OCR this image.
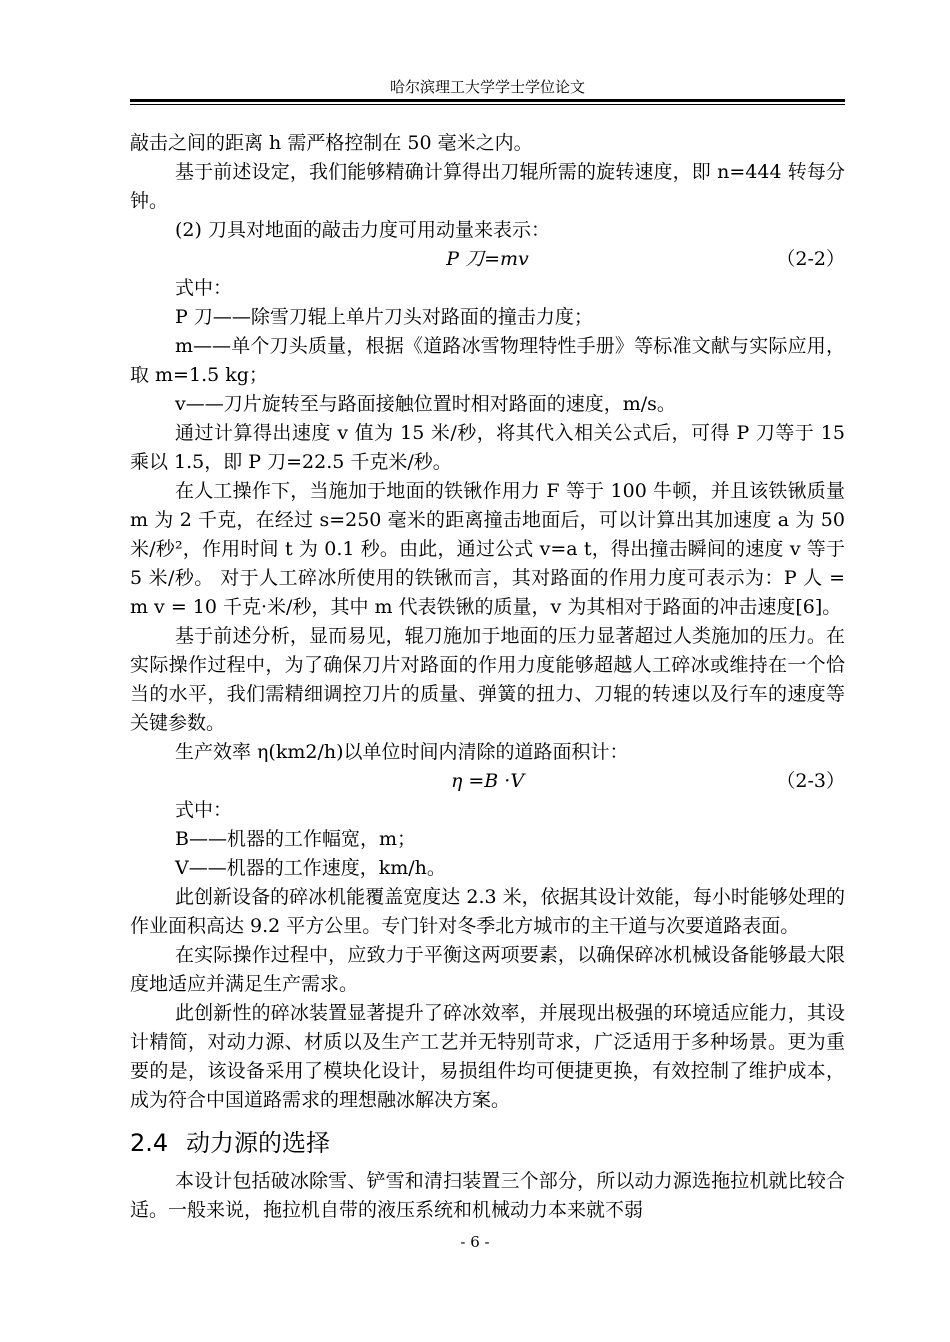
哈尔滨理工大学学士学位论文

敲击之间的距离 h 需严格控制在 50 毫米之内。

基于前述设定，我们能够精确计算得出刀辊所需的旋转速度，即 n=444 转每分钟。

(2) 刀具对地面的敲击力度可用动量来表示：

P 刀=mv	（2-2）

式中：

P 刀——除雪刀辊上单片刀头对路面的撞击力度；

m——单个刀头质量，根据《道路冰雪物理特性手册》等标准文献与实际应用，取 m=1.5 kg；

v——刀片旋转至与路面接触位置时相对路面的速度，m/s。

通过计算得出速度 v 值为 15 米/秒，将其代入相关公式后，可得 P 刀等于 15 乘以 1.5，即 P 刀=22.5 千克米/秒。

在人工操作下，当施加于地面的铁锹作用力 F 等于 100 牛顿，并且该铁锹质量 m 为 2 千克，在经过 s=250 毫米的距离撞击地面后，可以计算出其加速度 a 为 50 米/秒²，作用时间 t 为 0.1 秒。由此，通过公式 v=a t，得出撞击瞬间的速度 v 等于 5 米/秒。 对于人工碎冰所使用的铁锹而言，其对路面的作用力度可表示为：P 人 = m v = 10 千克·米/秒，其中 m 代表铁锹的质量，v 为其相对于路面的冲击速度[6]。

基于前述分析，显而易见，辊刀施加于地面的压力显著超过人类施加的压力。在实际操作过程中，为了确保刀片对路面的作用力度能够超越人工碎冰或维持在一个恰当的水平，我们需精细调控刀片的质量、弹簧的扭力、刀辊的转速以及行车的速度等关键参数。

生产效率 η(km2/h)以单位时间内清除的道路面积计：

η =B ·V	（2-3）

式中：

B——机器的工作幅宽，m；

V——机器的工作速度，km/h。

此创新设备的碎冰机能覆盖宽度达 2.3 米，依据其设计效能，每小时能够处理的作业面积高达 9.2 平方公里。专门针对冬季北方城市的主干道与次要道路表面。

在实际操作过程中，应致力于平衡这两项要素，以确保碎冰机械设备能够最大限度地适应并满足生产需求。

此创新性的碎冰装置显著提升了碎冰效率，并展现出极强的环境适应能力，其设计精简，对动力源、材质以及生产工艺并无特别苛求，广泛适用于多种场景。更为重要的是，该设备采用了模块化设计，易损组件均可便捷更换，有效控制了维护成本，成为符合中国道路需求的理想融冰解决方案。

2.4 动力源的选择

本设计包括破冰除雪、铲雪和清扫装置三个部分，所以动力源选拖拉机就比较合适。一般来说，拖拉机自带的液压系统和机械动力本来就不弱

- 6 -
